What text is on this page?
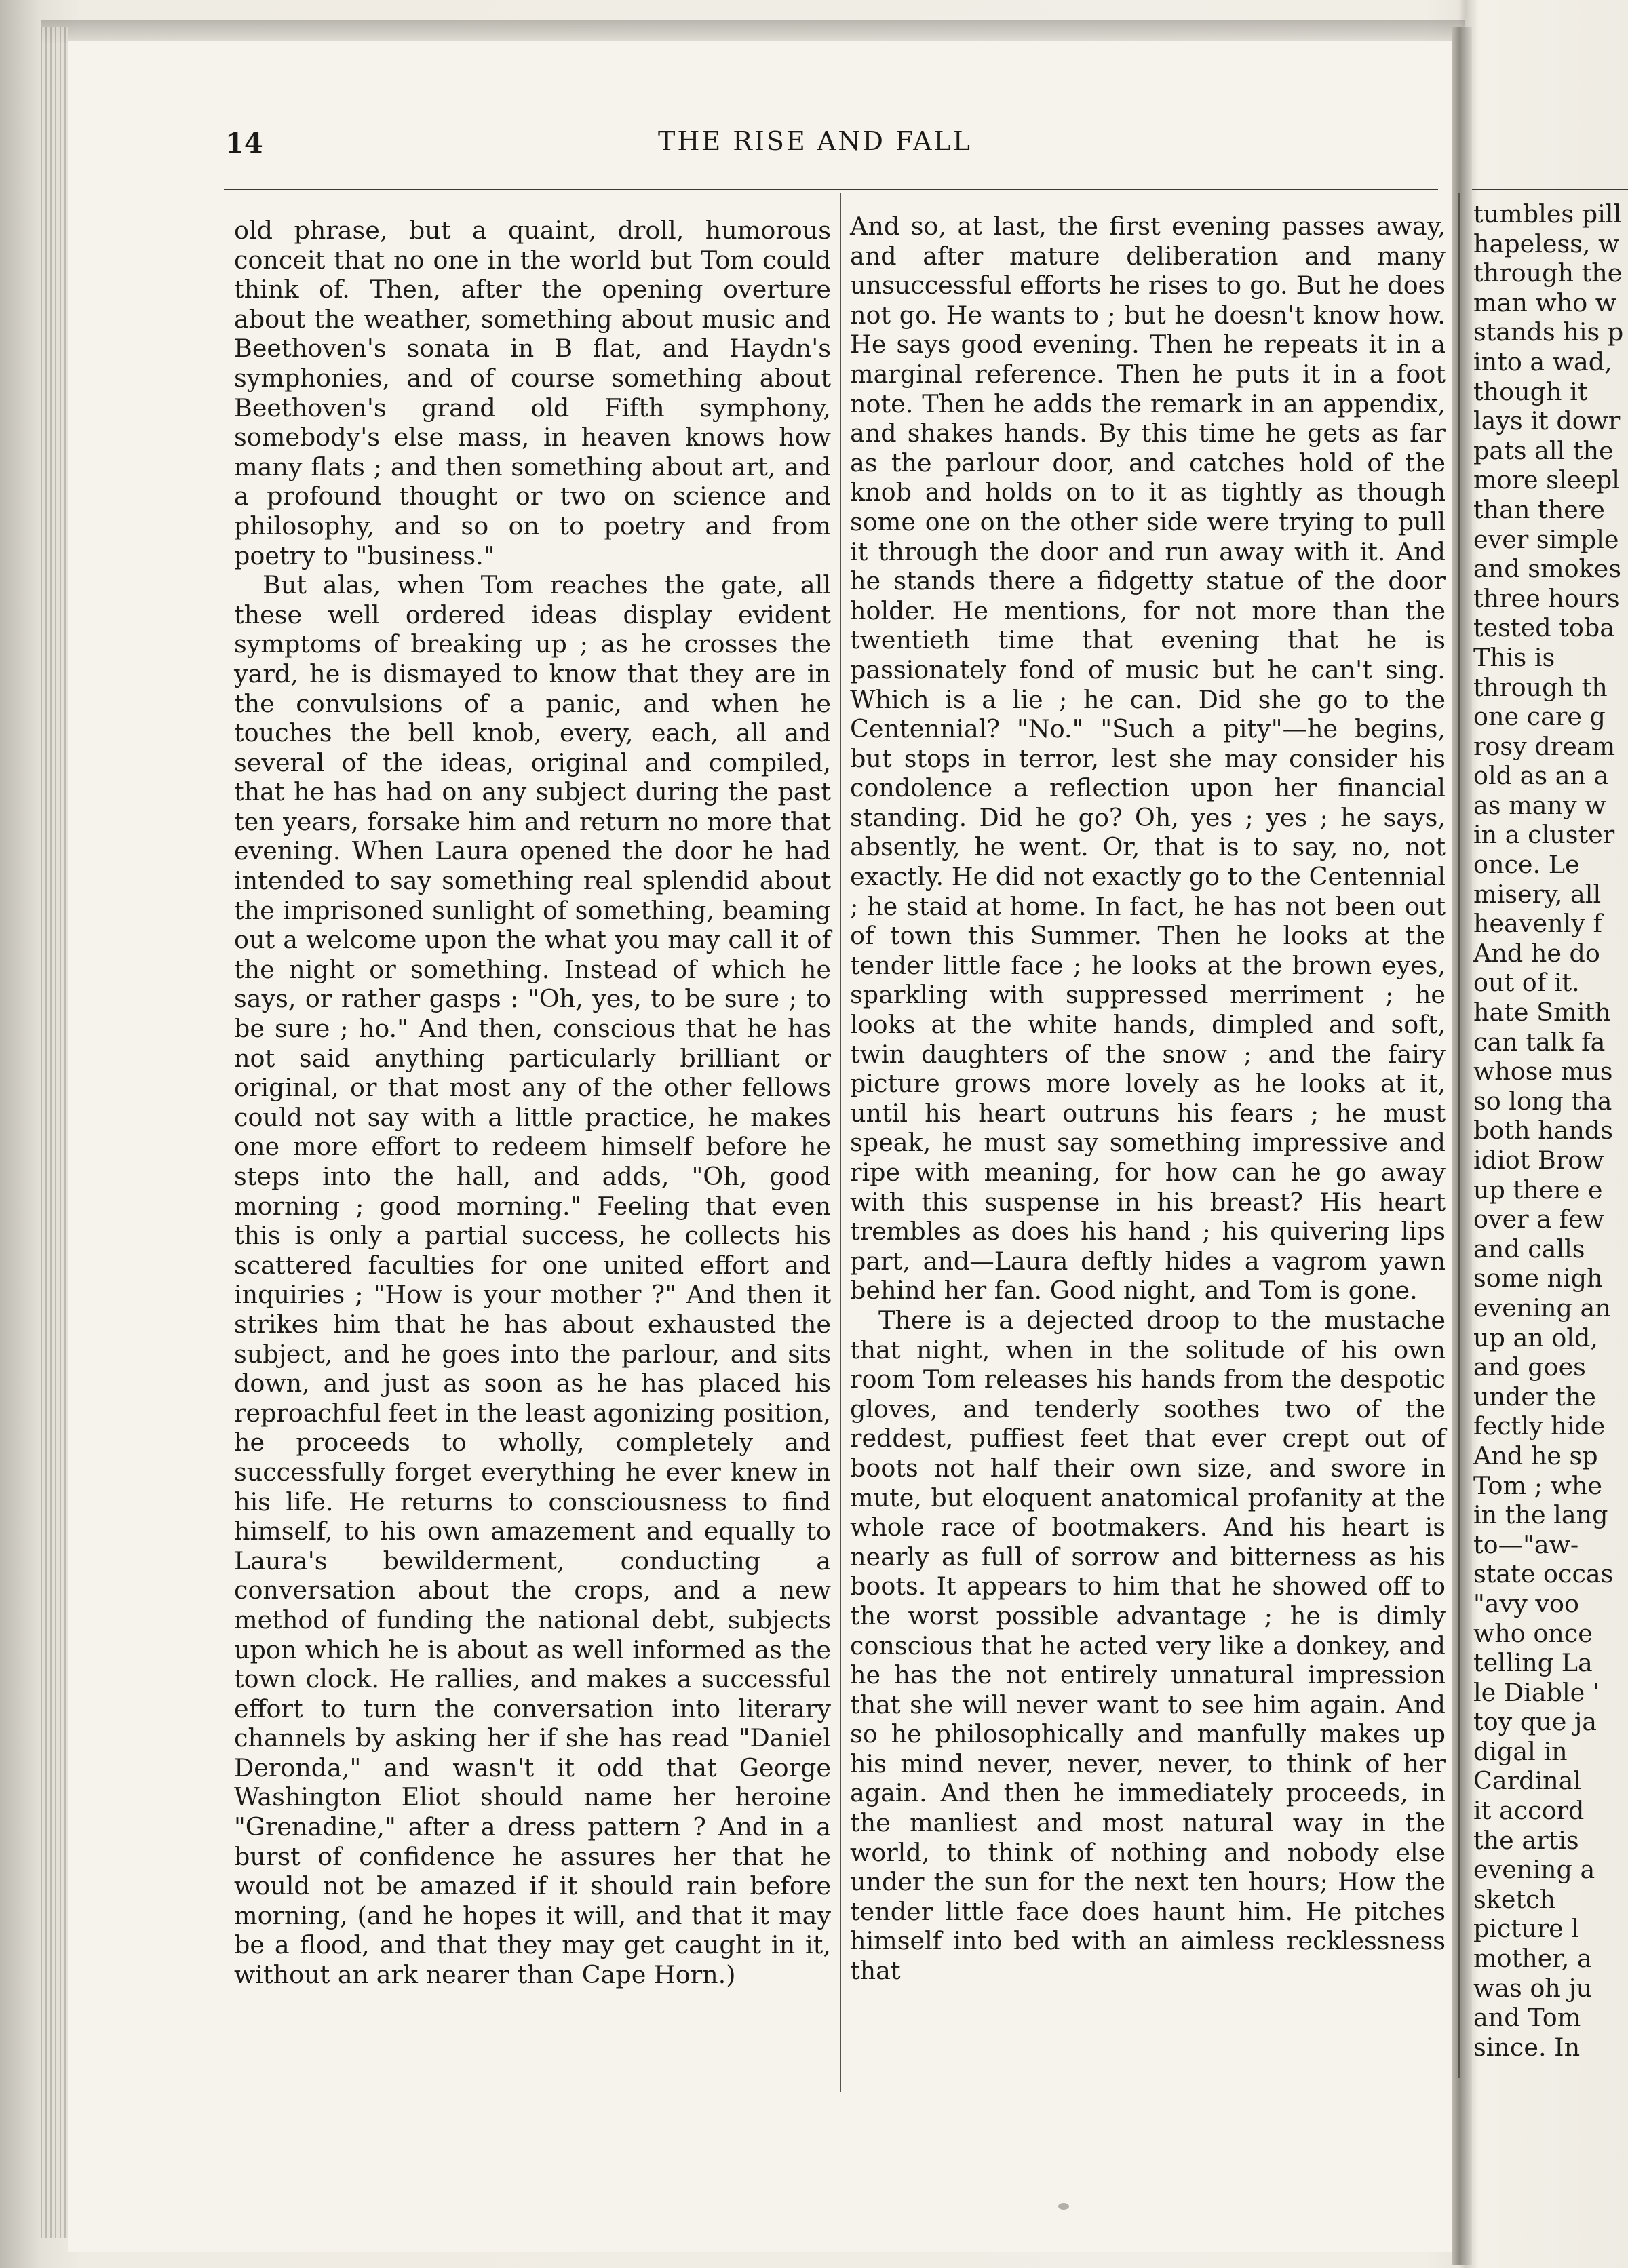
14	THE RISE AND FALL

old phrase, but a quaint, droll, humorous conceit that no one in the world but Tom could think of. Then, after the opening overture about the weather, something about music and Beethoven's sonata in B flat, and Haydn's symphonies, and of course something about Beethoven's grand old Fifth symphony, somebody's else mass, in heaven knows how many flats ; and then something about art, and a profound thought or two on science and philosophy, and so on to poetry and from poetry to "business."

But alas, when Tom reaches the gate, all these well ordered ideas display evident symptoms of breaking up ; as he crosses the yard, he is dismayed to know that they are in the convulsions of a panic, and when he touches the bell knob, every, each, all and several of the ideas, original and compiled, that he has had on any subject during the past ten years, forsake him and return no more that evening. When Laura opened the door he had intended to say something real splendid about the imprisoned sunlight of something, beaming out a welcome upon the what you may call it of the night or something. Instead of which he says, or rather gasps : "Oh, yes, to be sure ; to be sure ; ho." And then, conscious that he has not said anything particularly brilliant or original, or that most any of the other fellows could not say with a little practice, he makes one more effort to redeem himself before he steps into the hall, and adds, "Oh, good morning ; good morning." Feeling that even this is only a partial success, he collects his scattered faculties for one united effort and inquiries ; "How is your mother ?" And then it strikes him that he has about exhausted the subject, and he goes into the parlour, and sits down, and just as soon as he has placed his reproachful feet in the least agonizing position, he proceeds to wholly, completely and successfully forget everything he ever knew in his life. He returns to consciousness to find himself, to his own amazement and equally to Laura's bewilderment, conducting a conversation about the crops, and a new method of funding the national debt, subjects upon which he is about as well informed as the town clock. He rallies, and makes a successful effort to turn the conversation into literary channels by asking her if she has read "Daniel Deronda," and wasn't it odd that George Washington Eliot should name her heroine "Grenadine," after a dress pattern ? And in a burst of confidence he assures her that he would not be amazed if it should rain before morning, (and he hopes it will, and that it may be a flood, and that they may get caught in it, without an ark nearer than Cape Horn.)

And so, at last, the first evening passes away, and after mature deliberation and many unsuccessful efforts he rises to go. But he does not go. He wants to ; but he doesn't know how. He says good evening. Then he repeats it in a marginal reference. Then he puts it in a foot note. Then he adds the remark in an appendix, and shakes hands. By this time he gets as far as the parlour door, and catches hold of the knob and holds on to it as tightly as though some one on the other side were trying to pull it through the door and run away with it. And he stands there a fidgetty statue of the door holder. He mentions, for not more than the twentieth time that evening that he is passionately fond of music but he can't sing. Which is a lie ; he can. Did she go to the Centennial? "No." "Such a pity"—he begins, but stops in terror, lest she may consider his condolence a reflection upon her financial standing. Did he go? Oh, yes ; yes ; he says, absently, he went. Or, that is to say, no, not exactly. He did not exactly go to the Centennial ; he staid at home. In fact, he has not been out of town this Summer. Then he looks at the tender little face ; he looks at the brown eyes, sparkling with suppressed merriment ; he looks at the white hands, dimpled and soft, twin daughters of the snow ; and the fairy picture grows more lovely as he looks at it, until his heart outruns his fears ; he must speak, he must say something impressive and ripe with meaning, for how can he go away with this suspense in his breast? His heart trembles as does his hand ; his quivering lips part, and—Laura deftly hides a vagrom yawn behind her fan. Good night, and Tom is gone.

There is a dejected droop to the mustache that night, when in the solitude of his own room Tom releases his hands from the despotic gloves, and tenderly soothes two of the reddest, puffiest feet that ever crept out of boots not half their own size, and swore in mute, but eloquent anatomical profanity at the whole race of bootmakers. And his heart is nearly as full of sorrow and bitterness as his boots. It appears to him that he showed off to the worst possible advantage ; he is dimly conscious that he acted very like a donkey, and he has the not entirely unnatural impression that she will never want to see him again. And so he philosophically and manfully makes up his mind never, never, never, to think of her again. And then he immediately proceeds, in the manliest and most natural way in the world, to think of nothing and nobody else under the sun for the next ten hours; How the tender little face does haunt him. He pitches himself into bed with an aimless recklessness that

tumbles pill

hapeless, w

through the

man who w

stands his p

into a wad,

though it

lays it dowr

pats all the

more sleepl

than there

ever simple

and smokes

three hours

tested toba

This is

through th

one care g

rosy dream

old as an a

as many w

in a cluster

once. Le

misery, all

heavenly f

And he do

out of it.

hate Smith

can talk fa

whose mus

so long tha

both hands

idiot Brow

up there e

over a few

and calls

some nigh

evening an

up an old,

and goes

under the

fectly hide

And he sp

Tom ; whe

in the lang

to—"aw-

state occas

"avy voo

who once

telling La

le Diable '

toy que ja

digal in

Cardinal

it accord

the artis

evening a

sketch

picture l

mother, a

was oh ju

and Tom

since. In
